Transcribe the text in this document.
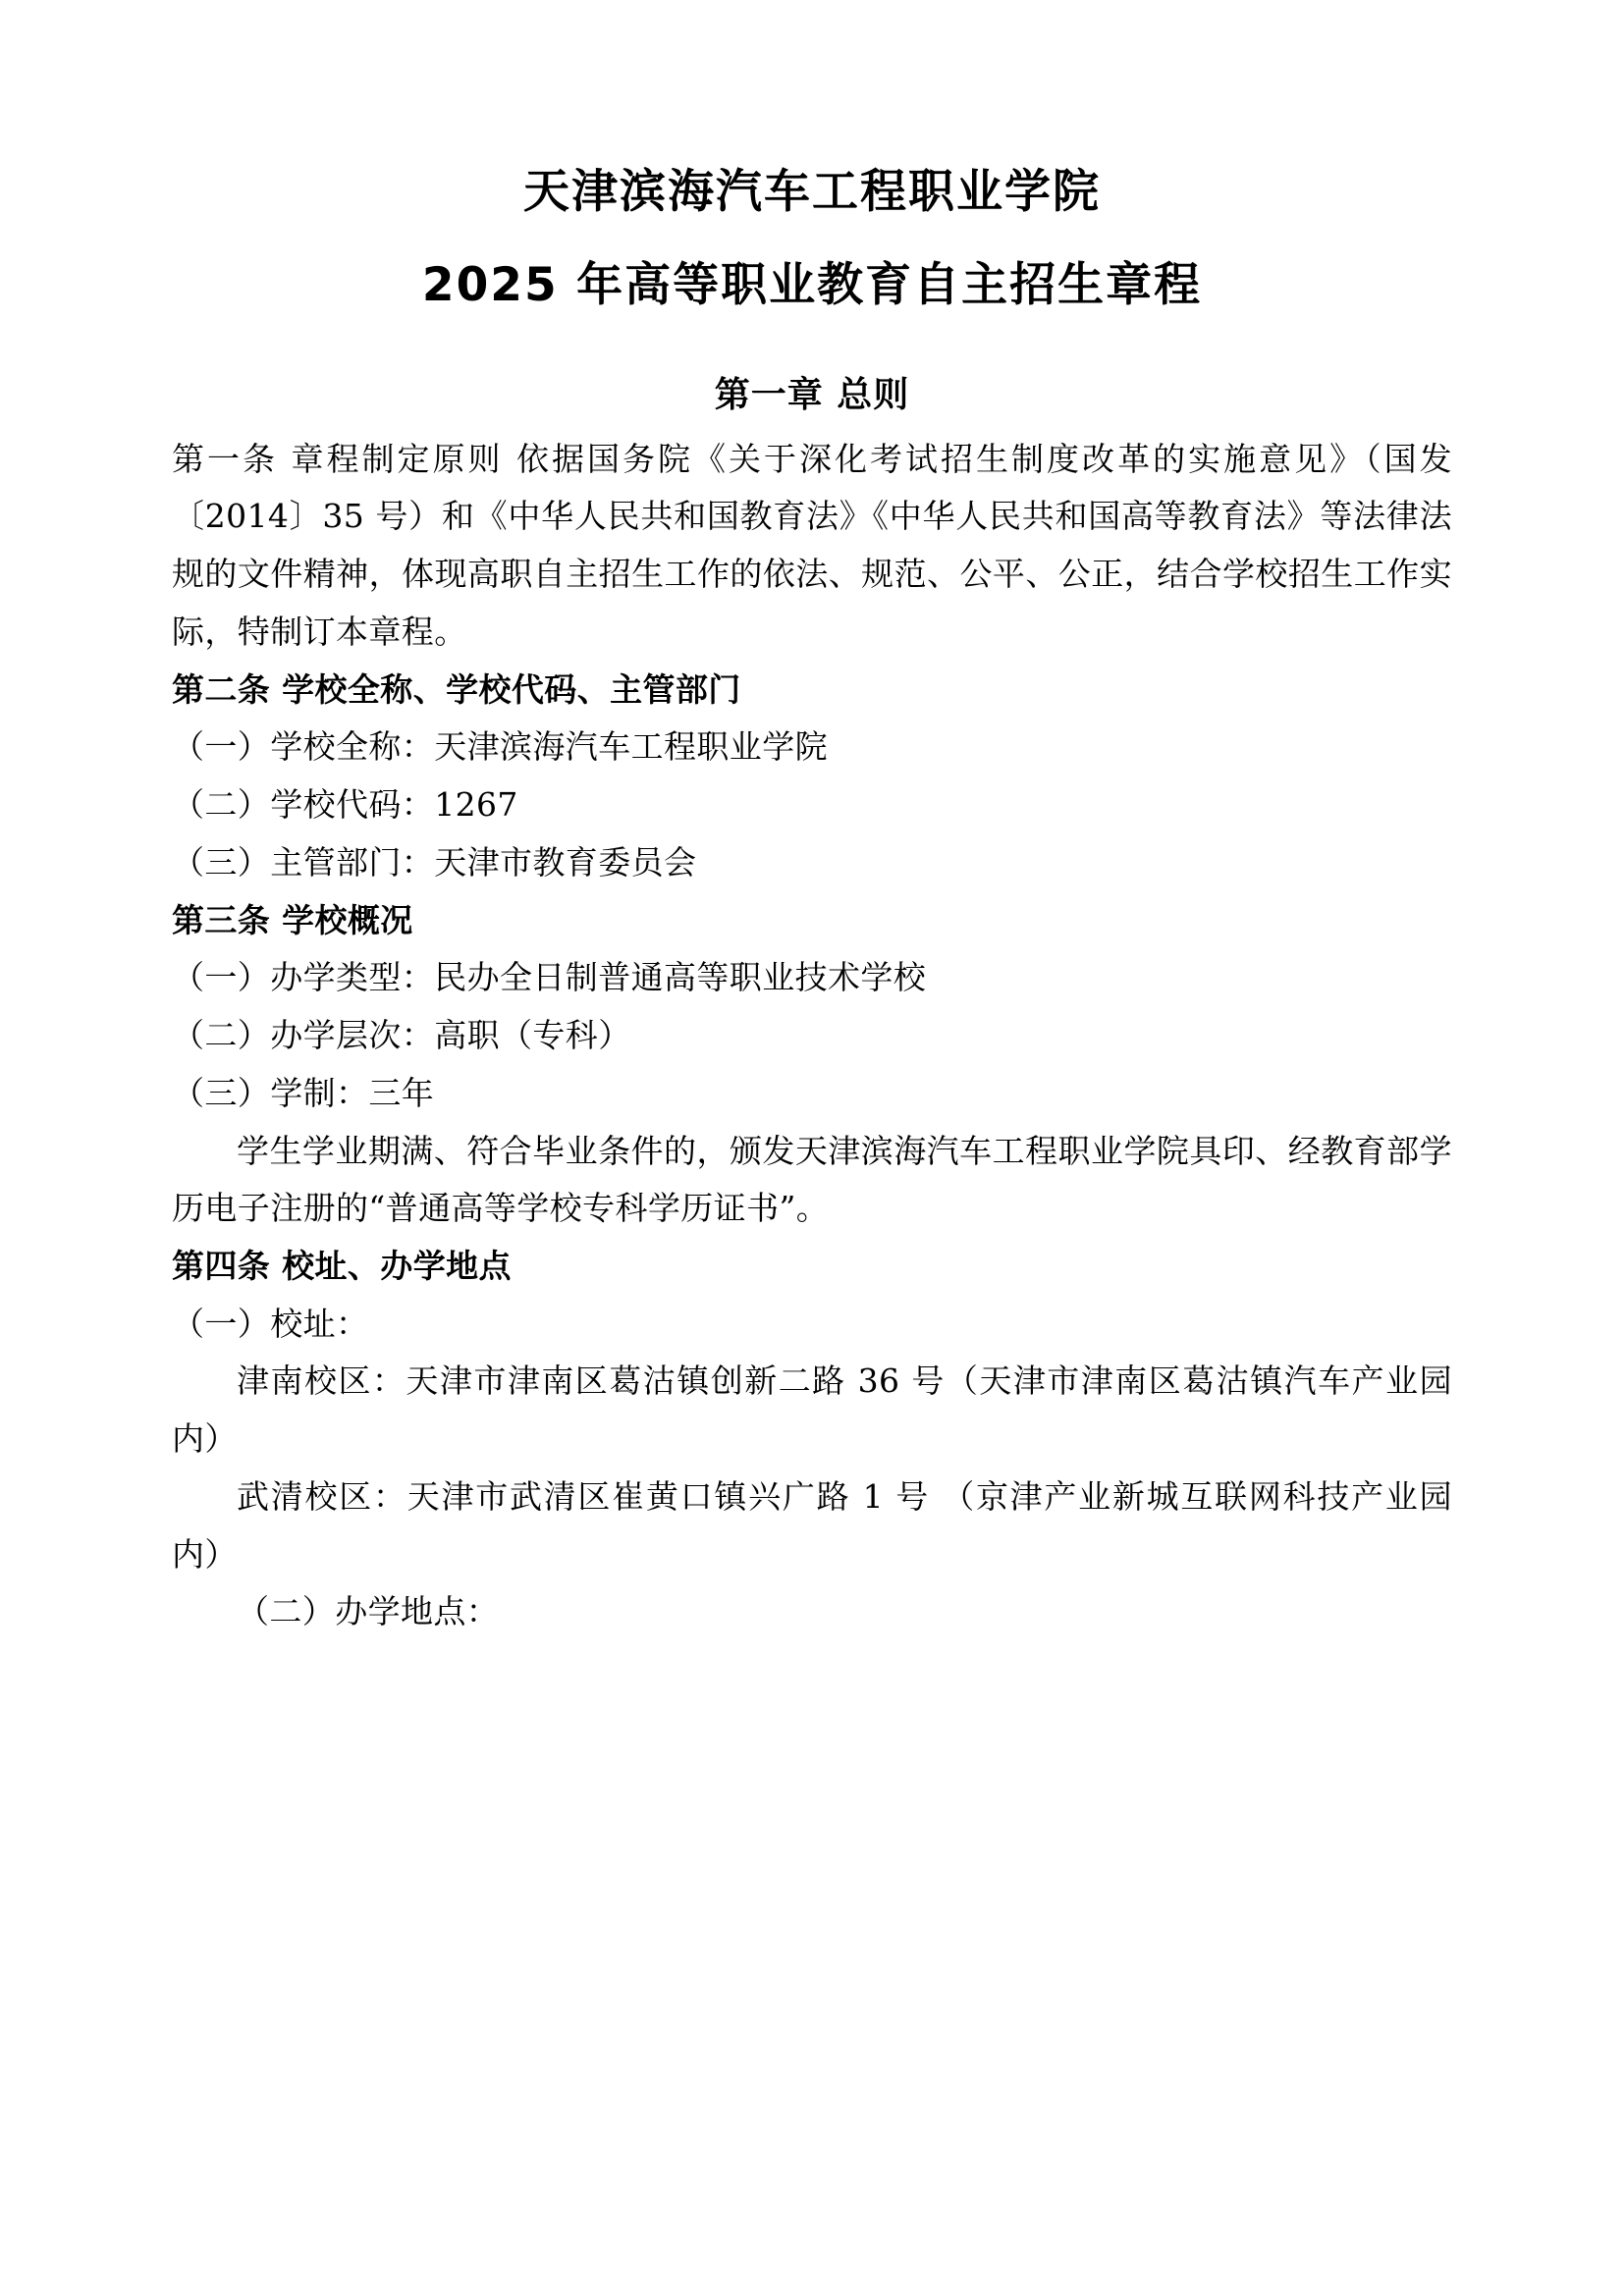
天津滨海汽车工程职业学院
2025 年高等职业教育自主招生章程
第一章 总则

第一条 章程制定原则 依据国务院《关于深化考试招生制度改革的实施意见》（国发〔2014〕35 号）和《中华人民共和国教育法》《中华人民共和国高等教育法》等法律法规的文件精神，体现高职自主招生工作的依法、规范、公平、公正，结合学校招生工作实际，特制订本章程。

第二条 学校全称、学校代码、主管部门

（一）学校全称：天津滨海汽车工程职业学院

（二）学校代码：1267

（三）主管部门：天津市教育委员会

第三条 学校概况

（一）办学类型：民办全日制普通高等职业技术学校

（二）办学层次：高职（专科）

（三）学制：三年

学生学业期满、符合毕业条件的，颁发天津滨海汽车工程职业学院具印、经教育部学历电子注册的“普通高等学校专科学历证书”。

第四条 校址、办学地点

（一）校址：

津南校区：天津市津南区葛沽镇创新二路 36 号（天津市津南区葛沽镇汽车产业园内）

武清校区：天津市武清区崔黄口镇兴广路 1 号 （京津产业新城互联网科技产业园内）

（二）办学地点：
